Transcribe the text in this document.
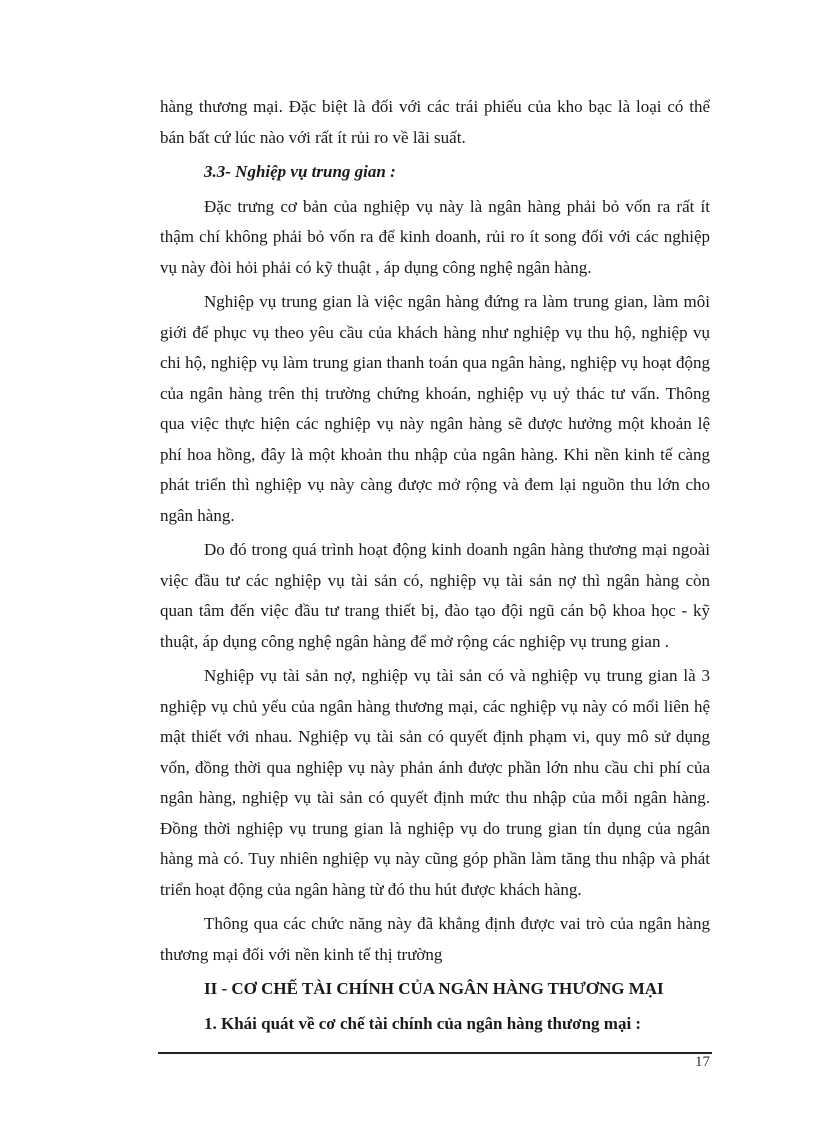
hàng thương mại. Đặc biệt là đối với các trái phiếu của kho bạc là loại có thể bán bất cứ lúc nào với rất ít rủi ro về lãi suất.

3.3- Nghiệp vụ trung gian :

Đặc trưng cơ bản của nghiệp vụ này là ngân hàng phải bỏ vốn ra rất ít thậm chí không phải bỏ vốn ra để kinh doanh, rủi ro ít song đối với các nghiệp vụ này đòi hỏi phải có kỹ thuật , áp dụng công nghệ ngân hàng.

Nghiệp vụ trung gian là việc ngân hàng đứng ra làm trung gian, làm môi giới để phục vụ theo yêu cầu của khách hàng như nghiệp vụ thu hộ, nghiệp vụ chi hộ, nghiệp vụ làm trung gian thanh toán qua ngân hàng, nghiệp vụ hoạt động của ngân hàng trên thị trường chứng khoán, nghiệp vụ uỷ thác tư vấn. Thông qua việc thực hiện các nghiệp vụ này ngân hàng sẽ được hưởng một khoản lệ phí hoa hồng, đây là một khoản thu nhập của ngân hàng. Khi nền kinh tế càng phát triển thì nghiệp vụ này càng được mở rộng và đem lại nguồn thu lớn cho ngân hàng.

Do đó trong quá trình hoạt động kinh doanh ngân hàng thương mại ngoài việc đầu tư các nghiệp vụ tài sản có, nghiệp vụ tài sản nợ thì ngân hàng còn quan tâm đến việc đầu tư trang thiết bị, đào tạo đội ngũ cán bộ khoa học - kỹ thuật, áp dụng công nghệ ngân hàng để mở rộng các nghiệp vụ trung gian .

Nghiệp vụ tài sản nợ, nghiệp vụ tài sản có và nghiệp vụ trung gian là 3 nghiệp vụ chủ yếu của ngân hàng thương mại, các nghiệp vụ này có mối liên hệ mật thiết với nhau. Nghiệp vụ tài sản có quyết định phạm vi, quy mô sử dụng vốn, đồng thời qua nghiệp vụ này phản ánh được phần lớn nhu cầu chi phí của ngân hàng, nghiệp vụ tài sản có quyết định mức thu nhập của mỗi ngân hàng. Đồng thời nghiệp vụ trung gian là nghiệp vụ do trung gian tín dụng của ngân hàng mà có. Tuy nhiên nghiệp vụ này cũng góp phần làm tăng thu nhập và phát triển hoạt động của ngân hàng từ đó thu hút được khách hàng.

Thông qua các chức năng này đã khẳng định được vai trò của ngân hàng thương mại đối với nền kinh tế thị trường

II - CƠ CHẾ TÀI CHÍNH CỦA NGÂN HÀNG THƯƠNG MẠI

1. Khái quát về cơ chế tài chính của ngân hàng thương mại :

17
